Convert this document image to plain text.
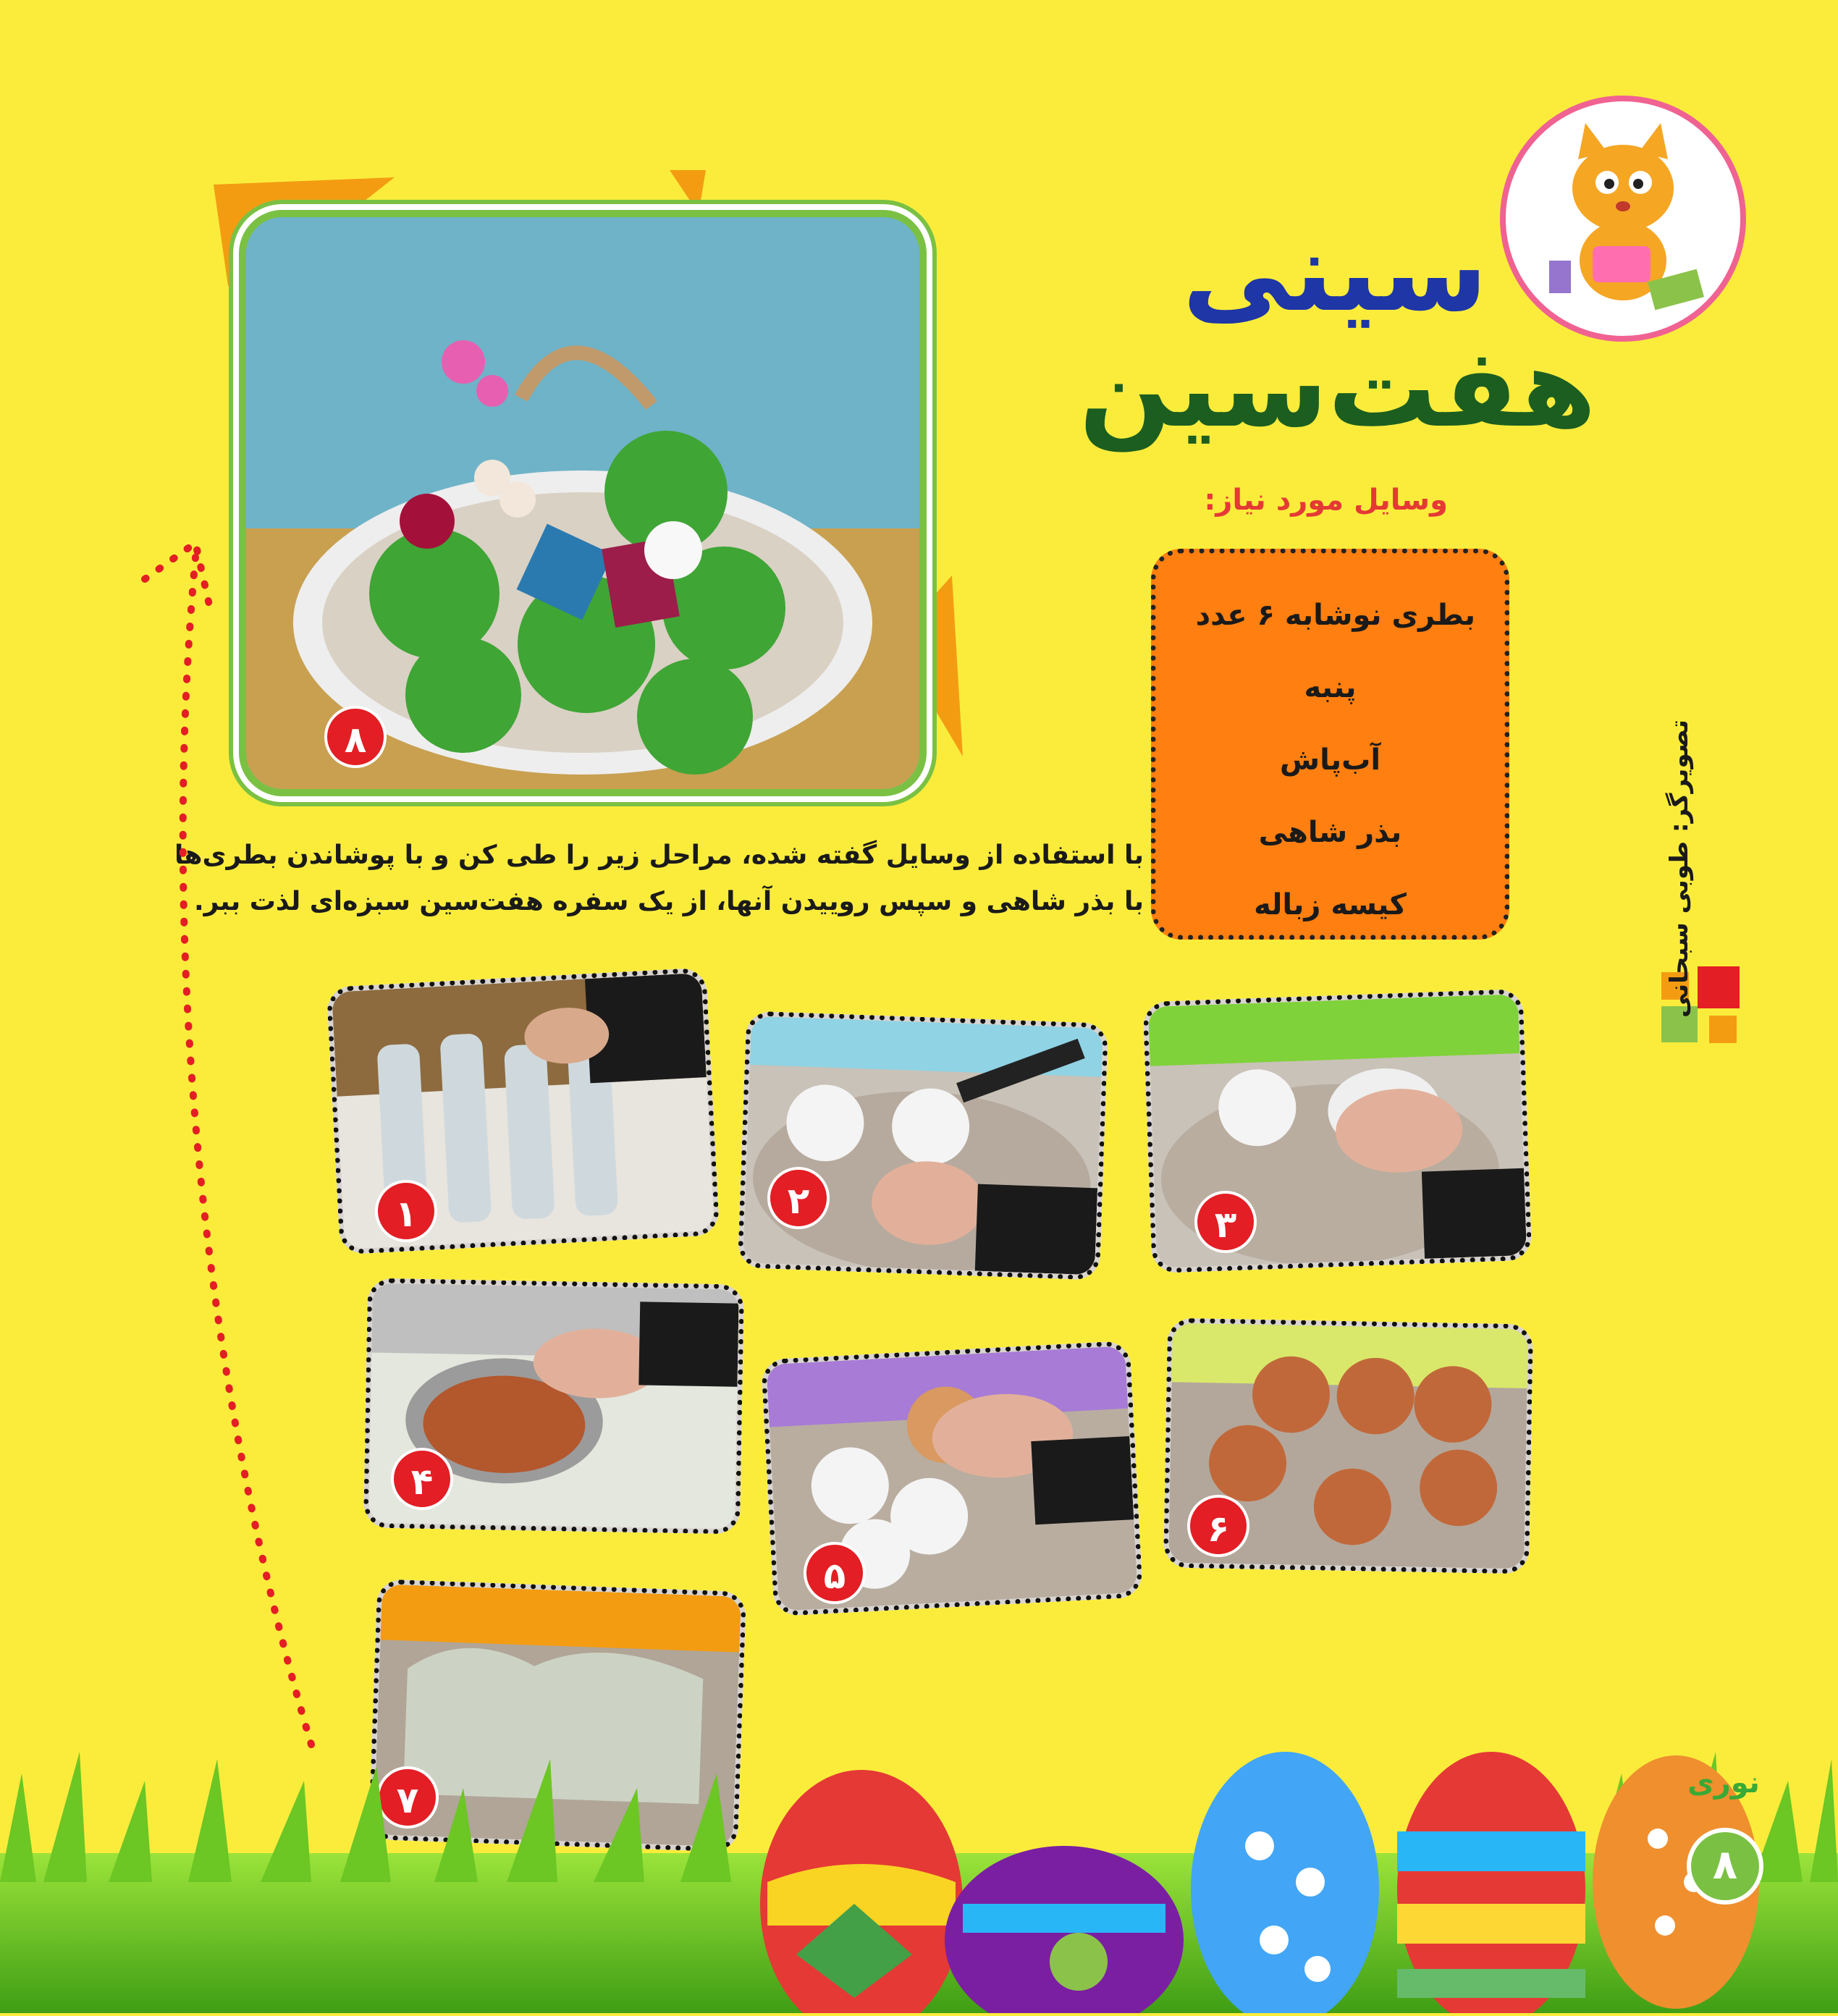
سینی
هفت‌سین
وسایل مورد نیاز:
بطری نوشابه ۶ عدد
پنبه
آب‌پاش
بذر شاهی
کیسه زباله
با استفاده از وسایل گفته شده، مراحل زیر را طی کن و با پوشاندن بطری‌ها
با بذر شاهی و سپس روییدن آنها، از یک سفره هفت‌سین سبزه‌ای لذت ببر.
۸
۱	۲
۳
۴
۵
۶
۷
تصویرگر: طوبی سبحانی
نوری
۸
